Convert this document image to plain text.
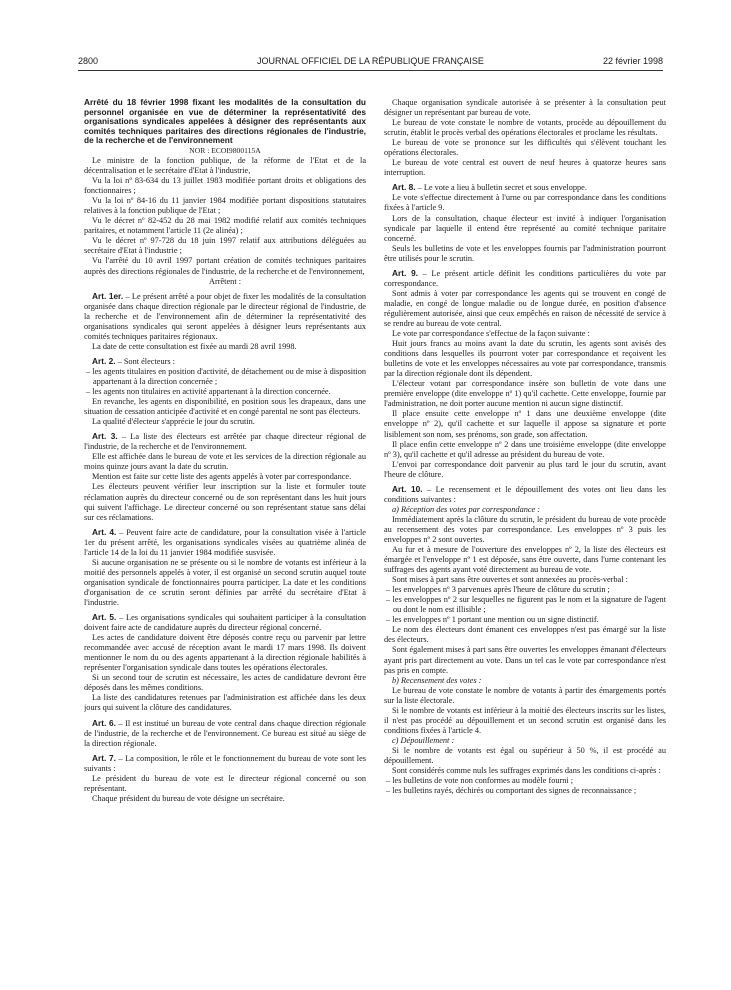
2800	JOURNAL OFFICIEL DE LA RÉPUBLIQUE FRANÇAISE	22 février 1998

Arrêté du 18 février 1998 fixant les modalités de la consultation du personnel organisée en vue de déterminer la représentativité des organisations syndicales appelées à désigner des représentants aux comités techniques paritaires des directions régionales de l'industrie, de la recherche et de l'environnement

NOR : ECOI9800115A

Le ministre de la fonction publique, de la réforme de l'Etat et de la décentralisation et le secrétaire d'Etat à l'industrie,

Vu la loi nº 83-634 du 13 juillet 1983 modifiée portant droits et obligations des fonctionnaires ;

Vu la loi nº 84-16 du 11 janvier 1984 modifiée portant dispositions statutaires relatives à la fonction publique de l'Etat ;

Vu le décret nº 82-452 du 28 mai 1982 modifié relatif aux comités techniques paritaires, et notamment l'article 11 (2e alinéa) ;

Vu le décret nº 97-728 du 18 juin 1997 relatif aux attributions déléguées au secrétaire d'Etat à l'industrie ;

Vu l'arrêté du 10 avril 1997 portant création de comités techniques paritaires auprès des directions régionales de l'industrie, de la recherche et de l'environnement,

Arrêtent :

Art. 1er. – Le présent arrêté a pour objet de fixer les modalités de la consultation organisée dans chaque direction régionale par le directeur régional de l'industrie, de la recherche et de l'environnement afin de déterminer la représentativité des organisations syndicales qui seront appelées à désigner leurs représentants aux comités techniques paritaires régionaux.

La date de cette consultation est fixée au mardi 28 avril 1998.

Art. 2. – Sont électeurs :

– les agents titulaires en position d'activité, de détachement ou de mise à disposition appartenant à la direction concernée ;

– les agents non titulaires en activité appartenant à la direction concernée.

En revanche, les agents en disponibilité, en position sous les drapeaux, dans une situation de cessation anticipée d'activité et en congé parental ne sont pas électeurs.

La qualité d'électeur s'apprécie le jour du scrutin.

Art. 3. – La liste des électeurs est arrêtée par chaque directeur régional de l'industrie, de la recherche et de l'environnement.

Elle est affichée dans le bureau de vote et les services de la direction régionale au moins quinze jours avant la date du scrutin.

Mention est faite sur cette liste des agents appelés à voter par correspondance.

Les électeurs peuvent vérifier leur inscription sur la liste et formuler toute réclamation auprès du directeur concerné ou de son représentant dans les huit jours qui suivent l'affichage. Le directeur concerné ou son représentant statue sans délai sur ces réclamations.

Art. 4. – Peuvent faire acte de candidature, pour la consultation visée à l'article 1er du présent arrêté, les organisations syndicales visées au quatrième alinéa de l'article 14 de la loi du 11 janvier 1984 modifiée susvisée.

Si aucune organisation ne se présente ou si le nombre de votants est inférieur à la moitié des personnels appelés à voter, il est organisé un second scrutin auquel toute organisation syndicale de fonctionnaires pourra participer. La date et les conditions d'organisation de ce scrutin seront définies par arrêté du secrétaire d'Etat à l'industrie.

Art. 5. – Les organisations syndicales qui souhaitent participer à la consultation doivent faire acte de candidature auprès du directeur régional concerné.

Les actes de candidature doivent être déposés contre reçu ou parvenir par lettre recommandée avec accusé de réception avant le mardi 17 mars 1998. Ils doivent mentionner le nom du ou des agents appartenant à la direction régionale habilités à représenter l'organisation syndicale dans toutes les opérations électorales.

Si un second tour de scrutin est nécessaire, les actes de candidature devront être déposés dans les mêmes conditions.

La liste des candidatures retenues par l'administration est affichée dans les deux jours qui suivent la clôture des candidatures.

Art. 6. – Il est institué un bureau de vote central dans chaque direction régionale de l'industrie, de la recherche et de l'environnement. Ce bureau est situé au siège de la direction régionale.

Art. 7. – La composition, le rôle et le fonctionnement du bureau de vote sont les suivants :

Le président du bureau de vote est le directeur régional concerné ou son représentant.

Chaque président du bureau de vote désigne un secrétaire.

Chaque organisation syndicale autorisée à se présenter à la consultation peut désigner un représentant par bureau de vote.

Le bureau de vote constate le nombre de votants, procède au dépouillement du scrutin, établit le procès verbal des opérations électorales et proclame les résultats.

Le bureau de vote se prononce sur les difficultés qui s'élèvent touchant les opérations électorales.

Le bureau de vote central est ouvert de neuf heures à quatorze heures sans interruption.

Art. 8. – Le vote a lieu à bulletin secret et sous enveloppe.

Le vote s'effectue directement à l'urne ou par correspondance dans les conditions fixées à l'article 9.

Lors de la consultation, chaque électeur est invité à indiquer l'organisation syndicale par laquelle il entend être représenté au comité technique paritaire concerné.

Seuls les bulletins de vote et les enveloppes fournis par l'administration pourront être utilisés pour le scrutin.

Art. 9. – Le présent article définit les conditions particulières du vote par correspondance.

Sont admis à voter par correspondance les agents qui se trouvent en congé de maladie, en congé de longue maladie ou de longue durée, en position d'absence régulièrement autorisée, ainsi que ceux empêchés en raison de nécessité de service à se rendre au bureau de vote central.

Le vote par correspondance s'effectue de la façon suivante :

Huit jours francs au moins avant la date du scrutin, les agents sont avisés des conditions dans lesquelles ils pourront voter par correspondance et reçoivent les bulletins de vote et les enveloppes nécessaires au vote par correspondance, transmis par la direction régionale dont ils dépendent.

L'électeur votant par correspondance insère son bulletin de vote dans une première enveloppe (dite enveloppe nº 1) qu'il cachette. Cette enveloppe, fournie par l'administration, ne doit porter aucune mention ni aucun signe distinctif.

Il place ensuite cette enveloppe nº 1 dans une deuxième enveloppe (dite enveloppe nº 2), qu'il cachette et sur laquelle il appose sa signature et porte lisiblement son nom, ses prénoms, son grade, son affectation.

Il place enfin cette enveloppe nº 2 dans une troisième enveloppe (dite enveloppe nº 3), qu'il cachette et qu'il adresse au président du bureau de vote.

L'envoi par correspondance doit parvenir au plus tard le jour du scrutin, avant l'heure de clôture.

Art. 10. – Le recensement et le dépouillement des votes ont lieu dans les conditions suivantes :

a) Réception des votes par correspondance :

Immédiatement après la clôture du scrutin, le président du bureau de vote procède au recensement des votes par correspondance. Les enveloppes nº 3 puis les enveloppes nº 2 sont ouvertes.

Au fur et à mesure de l'ouverture des enveloppes nº 2, la liste des électeurs est émargée et l'enveloppe nº 1 est déposée, sans être ouverte, dans l'urne contenant les suffrages des agents ayant voté directement au bureau de vote.

Sont mises à part sans être ouvertes et sont annexées au procès-verbal :

– les enveloppes nº 3 parvenues après l'heure de clôture du scrutin ;

– les enveloppes nº 2 sur lesquelles ne figurent pas le nom et la signature de l'agent ou dont le nom est illisible ;

– les enveloppes nº 1 portant une mention ou un signe distinctif.

Le nom des électeurs dont émanent ces enveloppes n'est pas émargé sur la liste des électeurs.

Sont également mises à part sans être ouvertes les enveloppes émanant d'électeurs ayant pris part directement au vote. Dans un tel cas le vote par correspondance n'est pas pris en compte.

b) Recensement des votes :

Le bureau de vote constate le nombre de votants à partir des émargements portés sur la liste électorale.

Si le nombre de votants est inférieur à la moitié des électeurs inscrits sur les listes, il n'est pas procédé au dépouillement et un second scrutin est organisé dans les conditions fixées à l'article 4.

c) Dépouillement :

Si le nombre de votants est égal ou supérieur à 50 %, il est procédé au dépouillement.

Sont considérés comme nuls les suffrages exprimés dans les conditions ci-après :

– les bulletins de vote non conformes au modèle fourni ;

– les bulletins rayés, déchirés ou comportant des signes de reconnaissance ;
